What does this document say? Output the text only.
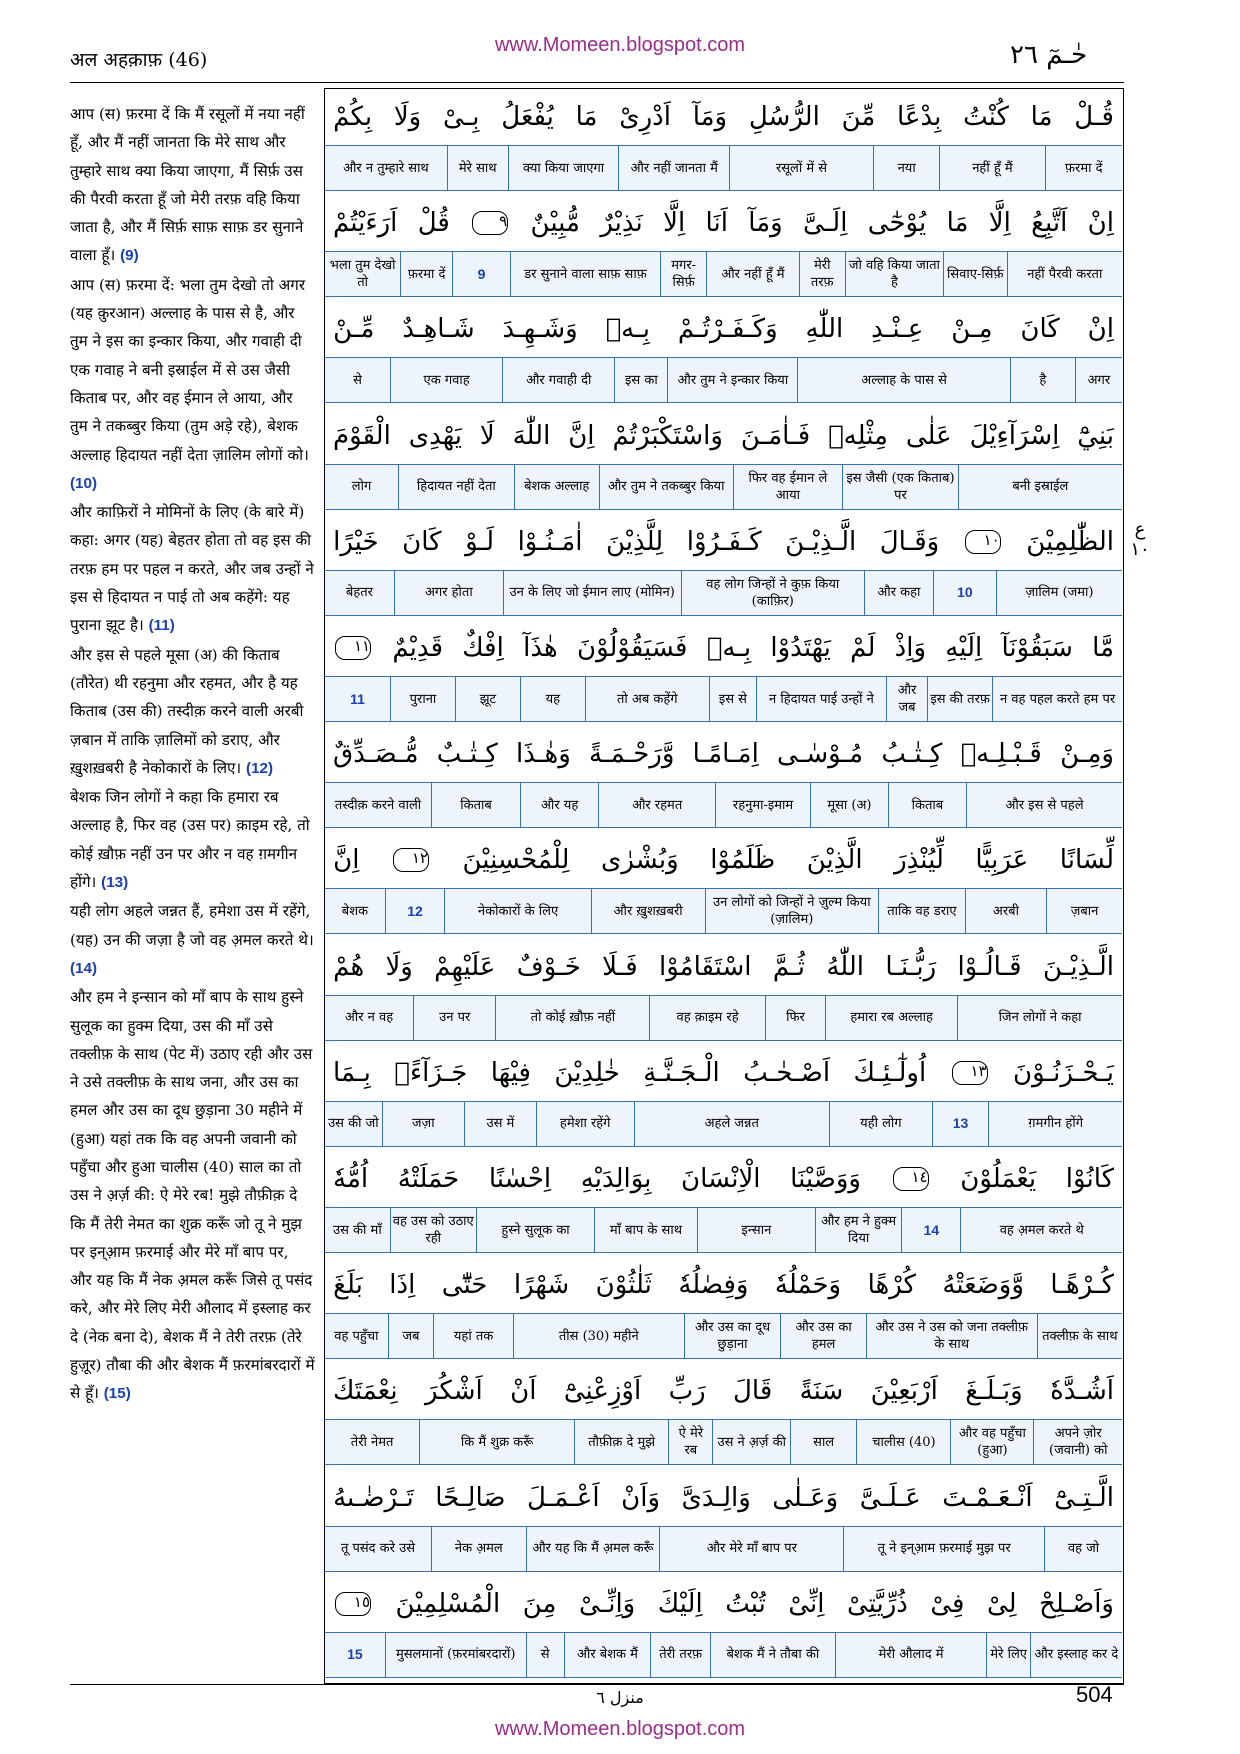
अल अहक़ाफ़ (46)
www.Momeen.blogspot.com	حٰـمٓ ٢٦

आप (स) फ़रमा दें कि मैं रसूलों में नया नहीं हूँ, और मैं नहीं जानता कि मेरे साथ और तुम्हारे साथ क्या किया जाएगा, मैं सिर्फ़ उस की पैरवी करता हूँ जो मेरी तरफ़ वहि किया जाता है, और मैं सिर्फ़ साफ़ साफ़ डर सुनाने वाला हूँ। (9)

आप (स) फ़रमा दें: भला तुम देखो तो अगर (यह क़ुरआन) अल्लाह के पास से है, और तुम ने इस का इन्कार किया, और गवाही दी एक गवाह ने बनी इस्राईल में से उस जैसी किताब पर, और वह ईमान ले आया, और तुम ने तकब्बुर किया (तुम अड़े रहे), बेशक अल्लाह हिदायत नहीं देता ज़ालिम लोगों को। (10)

और काफ़िरों ने मोमिनों के लिए (के बारे में) कहा: अगर (यह) बेहतर होता तो वह इस की तरफ़ हम पर पहल न करते, और जब उन्हों ने इस से हिदायत न पाई तो अब कहेंगे: यह पुराना झूट है। (11)

और इस से पहले मूसा (अ) की किताब (तौरेत) थी रहनुमा और रहमत, और है यह किताब (उस की) तस्दीक़ करने वाली अरबी ज़बान में ताकि ज़ालिमों को डराए, और ख़ुशख़बरी है नेकोकारों के लिए। (12)

बेशक जिन लोगों ने कहा कि हमारा रब अल्लाह है, फिर वह (उस पर) क़ाइम रहे, तो कोई ख़ौफ़ नहीं उन पर और न वह ग़मगीन होंगे। (13)

यही लोग अहले जन्नत हैं, हमेशा उस में रहेंगे, (यह) उन की जज़ा है जो वह अ़मल करते थे। (14)

और हम ने इन्सान को माँ बाप के साथ हुस्ने सुलूक का हुक्म दिया, उस की माँ उसे तक्लीफ़ के साथ (पेट में) उठाए रही और उस ने उसे तक्लीफ़ के साथ जना, और उस का हमल और उस का दूध छुड़ाना 30 महीने में (हुआ) यहां तक कि वह अपनी जवानी को पहुँचा और हुआ चालीस (40) साल का तो उस ने अ़र्ज़ की: ऐ मेरे रब! मुझे तौफ़ीक़ दे कि मैं तेरी नेमत का शुक्र करूँ जो तू ने मुझ पर इन्आ़म फ़रमाई और मेरे माँ बाप पर, और यह कि मैं नेक अ़मल करूँ जिसे तू पसंद करे, और मेरे लिए मेरी औलाद में इस्लाह कर दे (नेक बना दे), बेशक मैं ने तेरी तरफ़ (तेरे हुज़ूर) तौबा की और बेशक मैं फ़रमांबरदारों में से हूँ। (15)

قُـلْ
مَا
كُنْتُ
بِدْعًا
مِّنَ
الرُّسُلِ
وَمَآ
اَدْرِىْ
مَا
يُفْعَلُ
بِـىْ
وَلَا
بِكُمْ
फ़रमा दें
नहीं हूँ मैं
नया
रसूलों में से
और नहीं जानता मैं
क्या किया जाएगा
मेरे साथ
और न तुम्हारे साथ
اِنْ
اَتَّبِعُ
اِلَّا
مَا
يُوْحٰٓى
اِلَـىَّ
وَمَآ
اَنَا
اِلَّا
نَذِيْرٌ
مُّبِيْنٌ
٩
قُلْ
اَرَءَيْتُمْ
नहीं पैरवी करता
सिवाए-सिर्फ़
जो वहि किया जाता है
मेरी तरफ़
और नहीं हूँ मैं
मगर-सिर्फ़
डर सुनाने वाला साफ़ साफ़
9
फ़रमा दें
भला तुम देखो तो
اِنْ
كَانَ
مِـنْ
عِـنْـدِ
اللّٰهِ
وَكَـفَـرْتُـمْ
بِـهٖ
وَشَـهِـدَ
شَـاهِـدٌ
مِّـنْ
अगर
है
अल्लाह के पास से
और तुम ने इन्कार किया
इस का
और गवाही दी
एक गवाह
से
بَنِيْٓ
اِسْرَآءِيْلَ
عَلٰى
مِثْلِهٖ
فَـاٰمَـنَ
وَاسْتَكْبَرْتُمْ
اِنَّ
اللّٰهَ
لَا
يَهْدِى
الْقَوْمَ
बनी इस्राईल
इस जैसी (एक किताब) पर
फिर वह ईमान ले आया
और तुम ने तकब्बुर किया
बेशक अल्लाह
हिदायत नहीं देता
लोग
الظّٰلِمِيْنَ
١٠
وَقَـالَ
الَّـذِيْـنَ
كَـفَـرُوْا
لِلَّذِيْنَ
اٰمَـنُـوْا
لَـوْ
كَانَ
خَيْرًا
ज़ालिम (जमा)
10
और कहा
वह लोग जिन्हों ने कुफ़ किया (काफ़िर)
उन के लिए जो ईमान लाए (मोमिन)
अगर होता
बेहतर
مَّا
سَبَقُوْنَآ
اِلَيْهِ
وَاِذْ
لَمْ
يَهْتَدُوْا
بِـهٖ
فَسَيَقُوْلُوْنَ
هٰذَآ
اِفْكٌ
قَدِيْمٌ
١١
न वह पहल करते हम पर
इस की तरफ़
और जब
न हिदायत पाई उन्हों ने
इस से
तो अब कहेंगे
यह
झूट
पुराना
11
وَمِـنْ
قَـبْـلِـهٖ
كِـتٰـبُ
مُـوْسٰـى
اِمَـامًـا
وَّرَحْـمَـةً
وَهٰـذَا
كِـتٰـبٌ
مُّـصَـدِّقٌ
और इस से पहले
किताब
मूसा (अ)
रहनुमा-इमाम
और रहमत
और यह
किताब
तस्दीक़ करने वाली
لِّسَانًا
عَرَبِيًّا
لِّيُنْذِرَ
الَّذِيْنَ
ظَلَمُوْا
وَبُشْرٰى
لِلْمُحْسِنِيْنَ
١٢
اِنَّ
ज़बान
अरबी
ताकि वह डराए
उन लोगों को जिन्हों ने ज़ुल्म किया (ज़ालिम)
और ख़ुशख़बरी
नेकोकारों के लिए
12
बेशक
الَّـذِيْـنَ
قَـالُـوْا
رَبُّـنَـا
اللّٰهُ
ثُـمَّ
اسْتَقَامُوْا
فَـلَا
خَـوْفٌ
عَلَيْهِمْ
وَلَا
هُمْ
जिन लोगों ने कहा
हमारा रब अल्लाह
फिर
वह क़ाइम रहे
तो कोई ख़ौफ़ नहीं
उन पर
और न वह
يَـحْـزَنُـوْنَ
١٣
اُولٰٓـئِـكَ
اَصْـحٰـبُ
الْـجَـنَّـةِ
خٰلِدِيْنَ
فِيْهَا
جَـزَآءًۢ
بِـمَا
ग़मगीन होंगे
13
यही लोग
अहले जन्नत
हमेशा रहेंगे
उस में
जज़ा
उस की जो
كَانُوْا
يَعْمَلُوْنَ
١٤
وَوَصَّيْنَا
الْاِنْسَانَ
بِوَالِدَيْهِ
اِحْسٰنًا
حَمَلَتْهُ
اُمُّهٗ
वह अ़मल करते थे
14
और हम ने हुक्म दिया
इन्सान
माँ बाप के साथ
हुस्ने सुलूक का
वह उस को उठाए रही
उस की माँ
كُـرْهًـا
وَّوَضَعَتْهُ
كُرْهًا
وَحَمْلُهٗ
وَفِصٰلُهٗ
ثَلٰثُوْنَ
شَهْرًا
حَتّٰٓى
اِذَا
بَلَغَ
तक्लीफ़ के साथ
और उस ने उस को जना तक्लीफ़ के साथ
और उस का हमल
और उस का दूध छुड़ाना
तीस (30) महीने
यहां तक
जब
वह पहुँचा
اَشُـدَّهٗ
وَبَـلَـغَ
اَرْبَعِيْنَ
سَنَةً
قَالَ
رَبِّ
اَوْزِعْنِىْٓ
اَنْ
اَشْكُرَ
نِعْمَتَكَ
अपने ज़ोर (जवानी) को
और वह पहुँचा (हुआ)
चालीस (40)
साल
उस ने अ़र्ज़ की
ऐ मेरे रब
तौफ़ीक़ दे मुझे
कि मैं शुक्र करूँ
तेरी नेमत
الَّـتِـىْٓ
اَنْـعَـمْـتَ
عَـلَـىَّ
وَعَـلٰى
وَالِـدَىَّ
وَاَنْ
اَعْـمَـلَ
صَالِـحًا
تَـرْضٰـىهُ
वह जो
तू ने इन्आ़म फ़रमाई मुझ पर
और मेरे माँ बाप पर
और यह कि मैं अ़मल करूँ
नेक अ़मल
तू पसंद करे उसे
وَاَصْـلِحْ
لِىْ
فِىْ
ذُرِّيَّتِىْ
اِنِّىْ
تُبْتُ
اِلَيْكَ
وَاِنِّـىْ
مِنَ
الْمُسْلِمِيْنَ
١٥
और इस्लाह कर दे
मेरे लिए
मेरी औलाद में
बेशक मैं ने तौबा की
तेरी तरफ़
और बेशक मैं
से
मुसलमानों (फ़रमांबरदारों)
15
ع ١٠
منزل ٦	504
www.Momeen.blogspot.com
